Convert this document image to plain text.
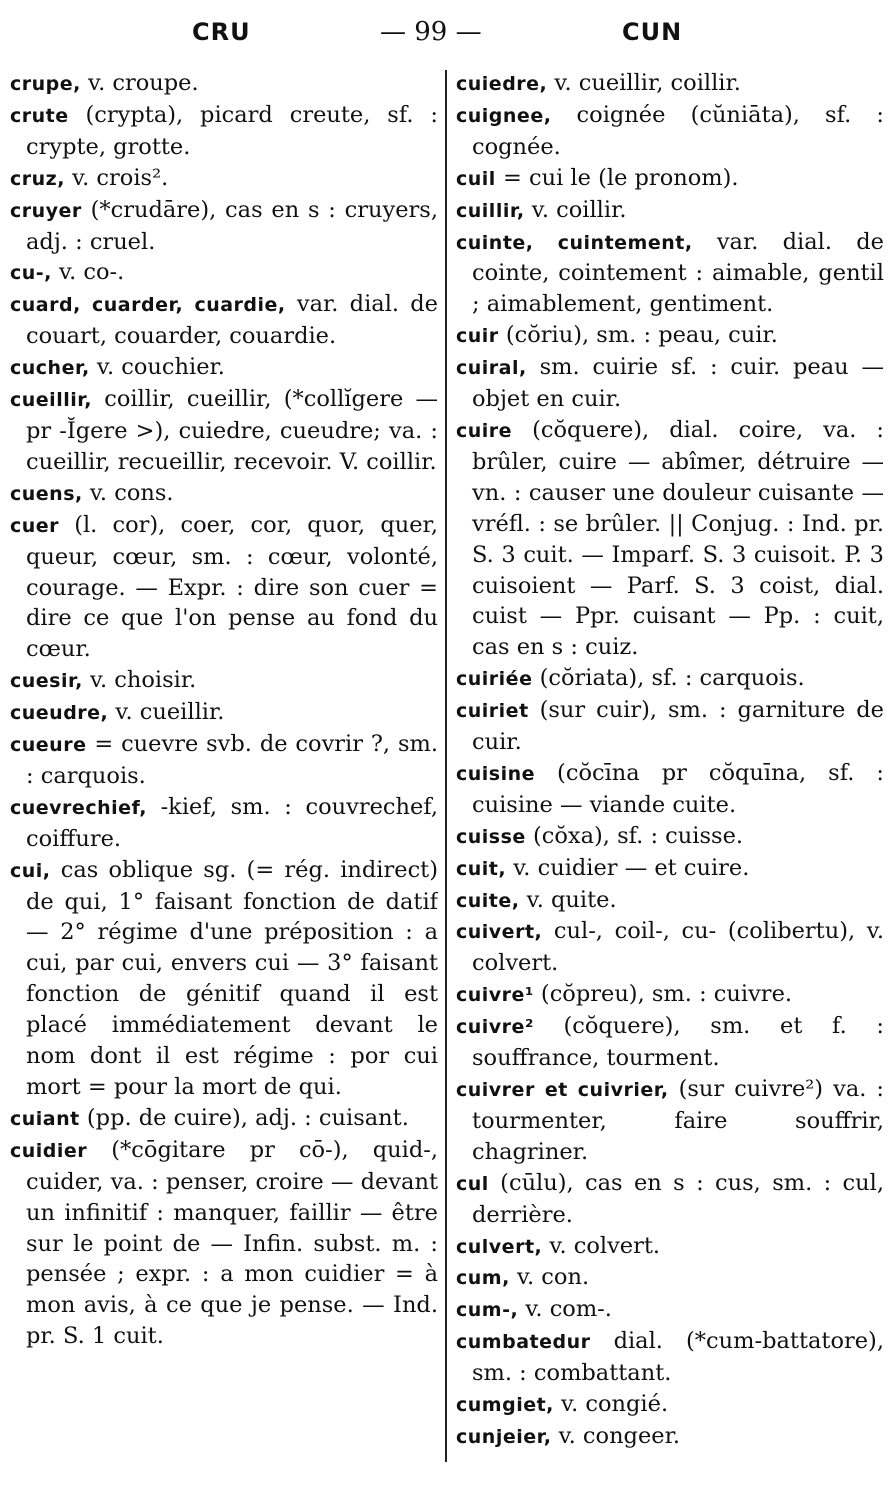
CRU	— 99 —	CUN

crupe, v. croupe.

crute (crypta), picard creute, sf. : crypte, grotte.

cruz, v. crois².

cruyer (*crudāre), cas en s : cruyers, adj. : cruel.

cu-, v. co-.

cuard, cuarder, cuardie, var. dial. de couart, couarder, couardie.

cucher, v. couchier.

cueillir, coillir, cueillir, (*collĭgere — pr -Ĭgere >), cuiedre, cueudre; va. : cueillir, recueillir, recevoir. V. coillir.

cuens, v. cons.

cuer (l. cor), coer, cor, quor, quer, queur, cœur, sm. : cœur, volonté, courage. — Expr. : dire son cuer = dire ce que l'on pense au fond du cœur.

cuesir, v. choisir.

cueudre, v. cueillir.

cueure = cuevre svb. de covrir ?, sm. : carquois.

cuevrechief, -kief, sm. : couvrechef, coiffure.

cui, cas oblique sg. (= rég. indirect) de qui, 1° faisant fonction de datif — 2° régime d'une préposition : a cui, par cui, envers cui — 3° faisant fonction de génitif quand il est placé immédiatement devant le nom dont il est régime : por cui mort = pour la mort de qui.

cuiant (pp. de cuire), adj. : cuisant.

cuidier (*cōgitare pr cō-), quid-, cuider, va. : penser, croire — devant un infinitif : manquer, faillir — être sur le point de — Infin. subst. m. : pensée ; expr. : a mon cuidier = à mon avis, à ce que je pense. — Ind. pr. S. 1 cuit.

cuiedre, v. cueillir, coillir.

cuignee, coignée (cŭniāta), sf. : cognée.

cuil = cui le (le pronom).

cuillir, v. coillir.

cuinte, cuintement, var. dial. de cointe, cointement : aimable, gentil ; aimablement, gentiment.

cuir (cŏriu), sm. : peau, cuir.

cuiral, sm. cuirie sf. : cuir. peau — objet en cuir.

cuire (cŏquere), dial. coire, va. : brûler, cuire — abîmer, détruire — vn. : causer une douleur cuisante — vréfl. : se brûler. || Conjug. : Ind. pr. S. 3 cuit. — Imparf. S. 3 cuisoit. P. 3 cuisoient — Parf. S. 3 coist, dial. cuist — Ppr. cuisant — Pp. : cuit, cas en s : cuiz.

cuiriée (cŏriata), sf. : carquois.

cuiriet (sur cuir), sm. : garniture de cuir.

cuisine (cŏcīna pr cŏquīna, sf. : cuisine — viande cuite.

cuisse (cŏxa), sf. : cuisse.

cuit, v. cuidier — et cuire.

cuite, v. quite.

cuivert, cul-, coil-, cu- (colibertu), v. colvert.

cuivre¹ (cŏpreu), sm. : cuivre.

cuivre² (cŏquere), sm. et f. : souffrance, tourment.

cuivrer et cuivrier, (sur cuivre²) va. : tourmenter, faire souffrir, chagriner.

cul (cūlu), cas en s : cus, sm. : cul, derrière.

culvert, v. colvert.

cum, v. con.

cum-, v. com-.

cumbatedur dial. (*cum-battatore), sm. : combattant.

cumgiet, v. congié.

cunjeier, v. congeer.
